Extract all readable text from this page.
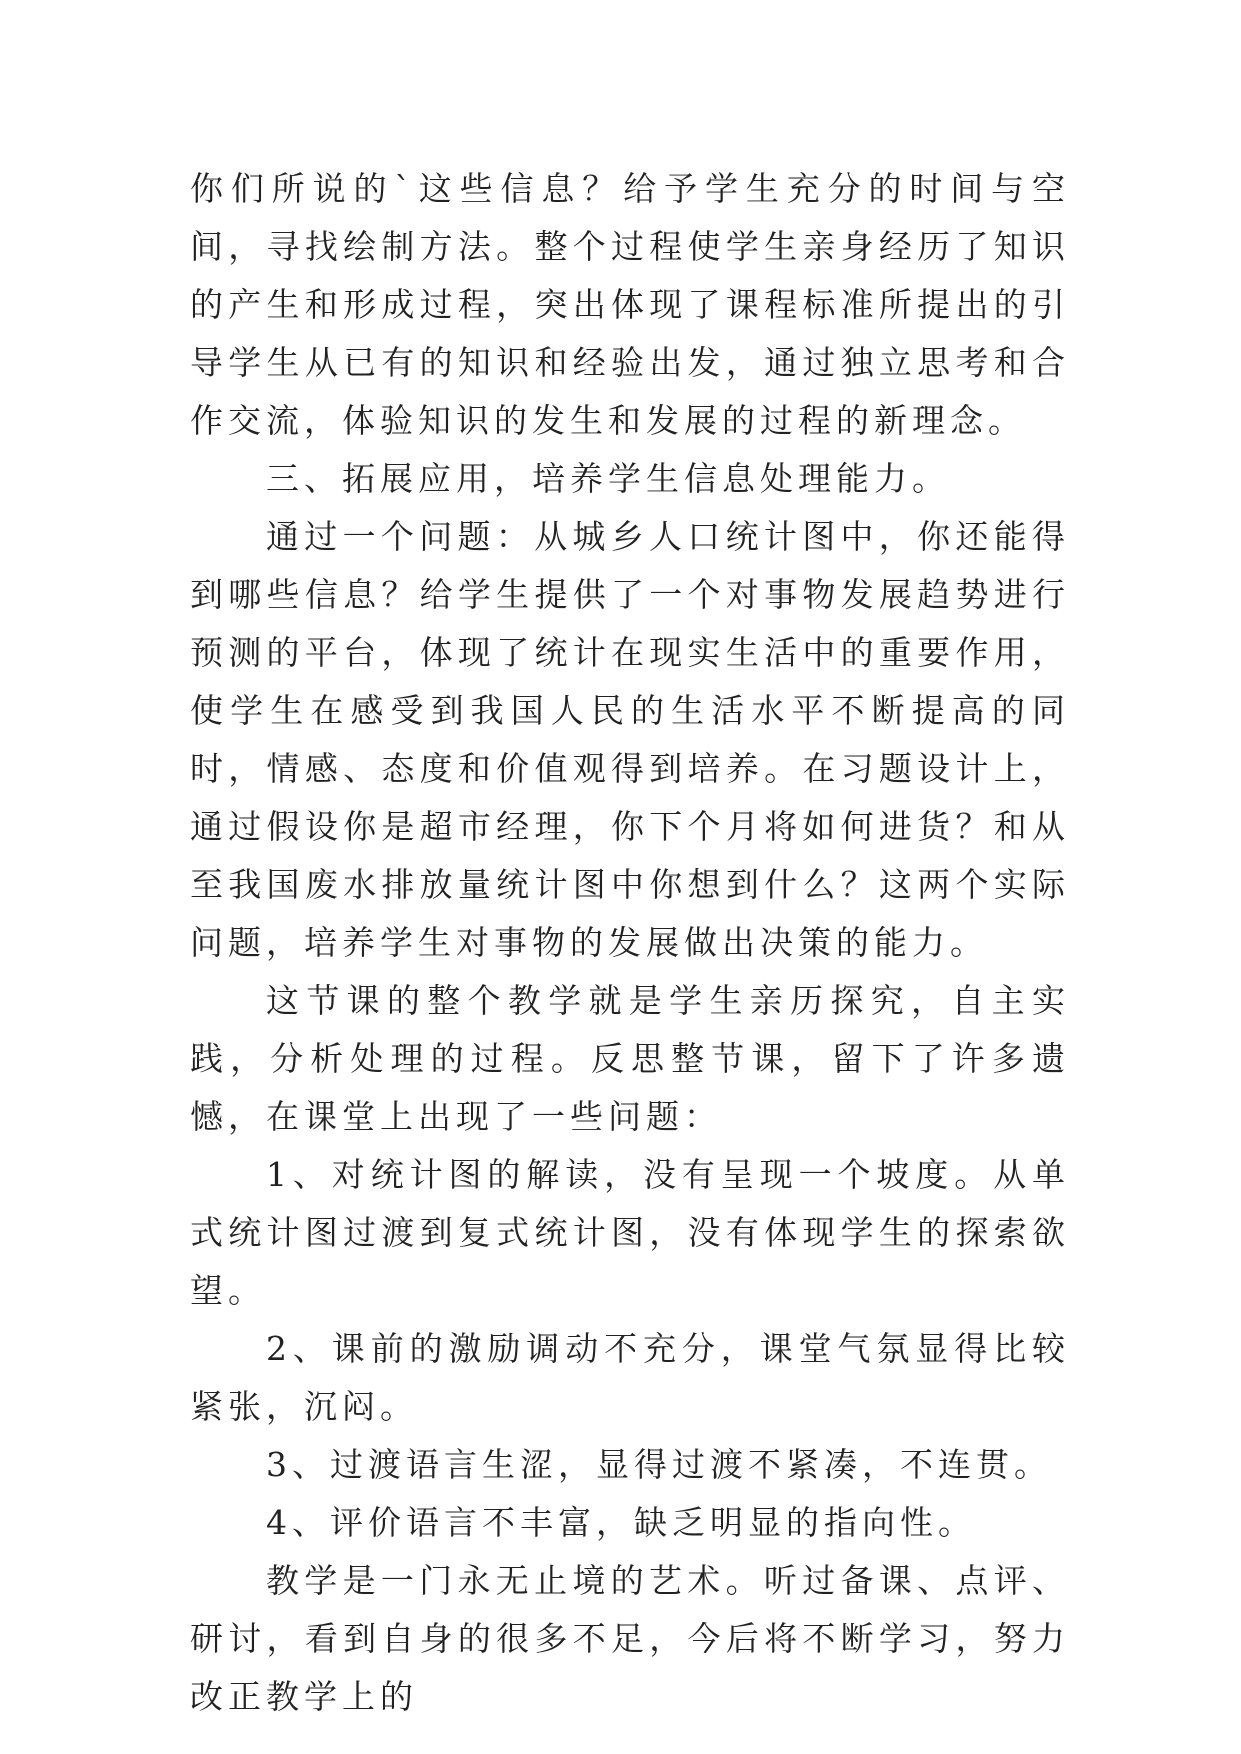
你们所说的`这些信息？给予学生充分的时间与空间，寻找绘制方法。整个过程使学生亲身经历了知识的产生和形成过程，突出体现了课程标准所提出的引导学生从已有的知识和经验出发，通过独立思考和合作交流，体验知识的发生和发展的过程的新理念。

三、拓展应用，培养学生信息处理能力。

通过一个问题：从城乡人口统计图中，你还能得到哪些信息？给学生提供了一个对事物发展趋势进行预测的平台，体现了统计在现实生活中的重要作用，使学生在感受到我国人民的生活水平不断提高的同时，情感、态度和价值观得到培养。在习题设计上，通过假设你是超市经理，你下个月将如何进货？和从至我国废水排放量统计图中你想到什么？这两个实际问题，培养学生对事物的发展做出决策的能力。

这节课的整个教学就是学生亲历探究，自主实践，分析处理的过程。反思整节课，留下了许多遗憾，在课堂上出现了一些问题：

1、对统计图的解读，没有呈现一个坡度。从单式统计图过渡到复式统计图，没有体现学生的探索欲望。

2、课前的激励调动不充分，课堂气氛显得比较紧张，沉闷。

3、过渡语言生涩，显得过渡不紧凑，不连贯。

4、评价语言不丰富，缺乏明显的指向性。

教学是一门永无止境的艺术。听过备课、点评、研讨，看到自身的很多不足，今后将不断学习，努力改正教学上的
